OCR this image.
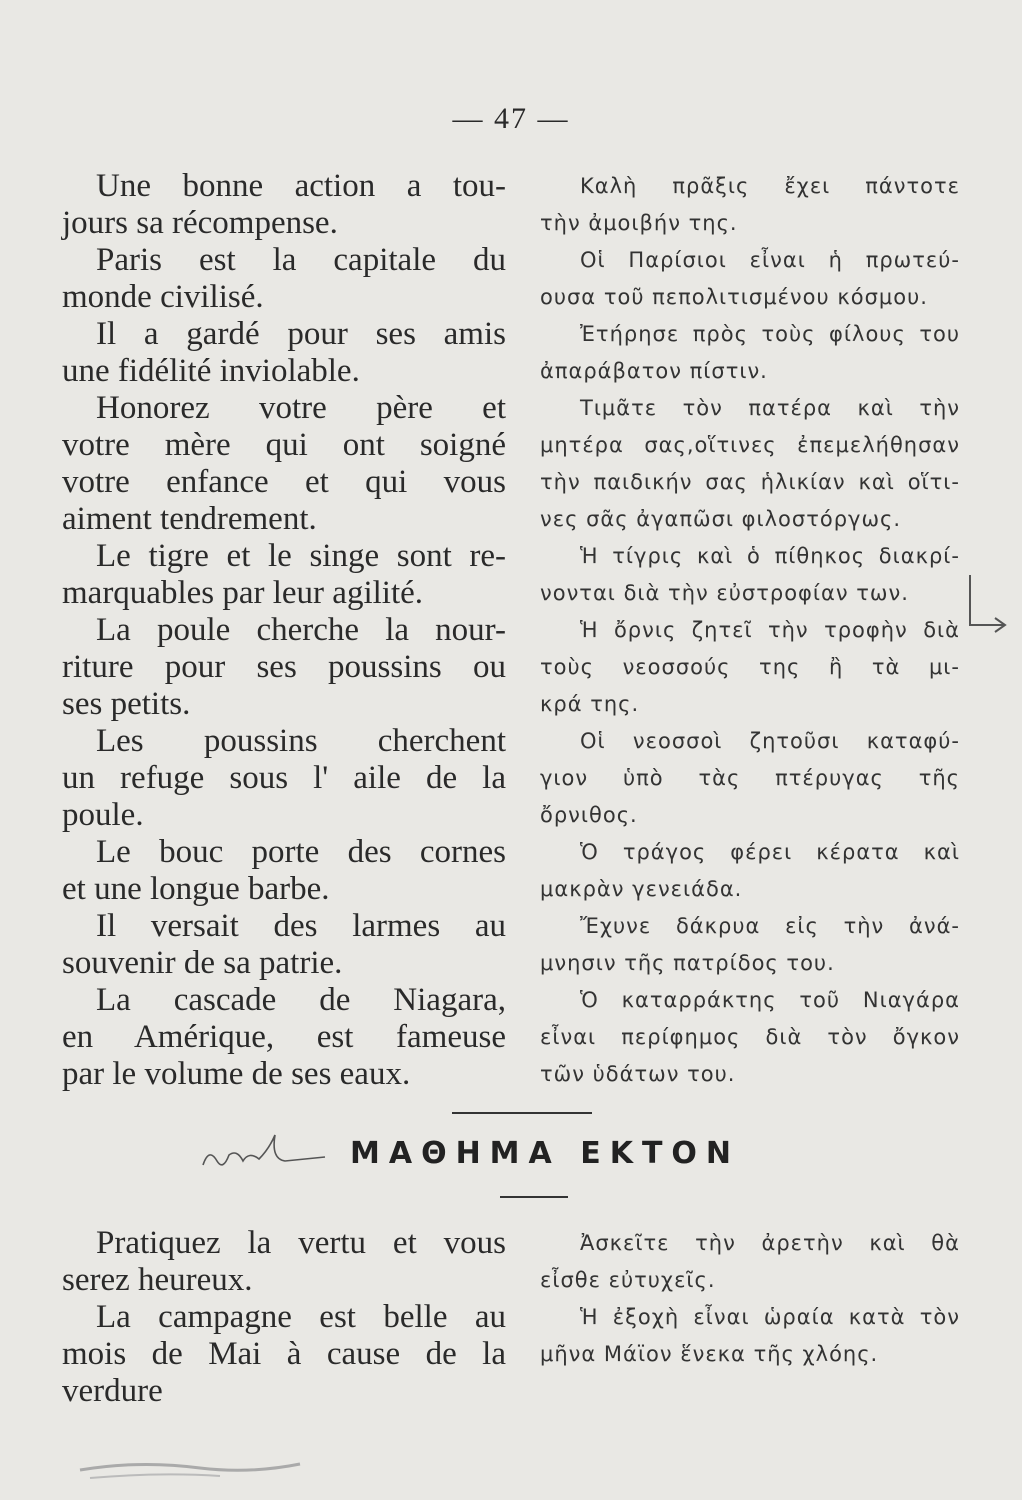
— 47 —

Une bonne action a tou-

jours sa récompense.

Paris est la capitale du

monde civilisé.

Il a gardé pour ses amis

une fidélité inviolable.

Honorez votre père et

votre mère qui ont soigné

votre enfance et qui vous

aiment tendrement.

Le tigre et le singe sont re-

marquables par leur agilité.

La poule cherche la nour-

riture pour ses poussins ou

ses petits.

Les poussins cherchent

un refuge sous l' aile de la

poule.

Le bouc porte des cornes

et une longue barbe.

Il versait des larmes au

souvenir de sa patrie.

La cascade de Niagara,

en Amérique, est fameuse

par le volume de ses eaux.

Καλὴ πρᾶξις ἔχει πάντοτε

τὴν ἀμοιβήν της.

Οἱ Παρίσιοι εἶναι ἡ πρωτεύ-

ουσα τοῦ πεπολιτισμένου κόσμου.

Ἐτήρησε πρὸς τοὺς φίλους του

ἀπαράβατον πίστιν.

Τιμᾶτε τὸν πατέρα καὶ τὴν

μητέρα σας,οἵτινες ἐπεμελήθησαν

τὴν παιδικήν σας ἡλικίαν καὶ οἵτι-

νες σᾶς ἀγαπῶσι φιλοστόργως.

Ἡ τίγρις καὶ ὁ πίθηκος διακρί-

νονται διὰ τὴν εὐστροφίαν των.

Ἡ ὄρνις ζητεῖ τὴν τροφὴν διὰ

τοὺς νεοσσούς της ἢ τὰ μι-

κρά της.

Οἱ νεοσσοὶ ζητοῦσι καταφύ-

γιον ὑπὸ τὰς πτέρυγας τῆς

ὄρνιθος.

Ὁ τράγος φέρει κέρατα καὶ

μακρὰν γενειάδα.

Ἔχυνε δάκρυα εἰς τὴν ἀνά-

μνησιν τῆς πατρίδος του.

Ὁ καταρράκτης τοῦ Νιαγάρα

εἶναι περίφημος διὰ τὸν ὄγκον

τῶν ὑδάτων του.

ΜΑΘΗΜΑ ΕΚΤΟΝ

Pratiquez la vertu et vous

serez heureux.

La campagne est belle au

mois de Mai à cause de la

verdure

Ἀσκεῖτε τὴν ἀρετὴν καὶ θὰ

εἶσθε εὐτυχεῖς.

Ἡ ἐξοχὴ εἶναι ὡραία κατὰ τὸν

μῆνα Μάϊον ἕνεκα τῆς χλόης.
